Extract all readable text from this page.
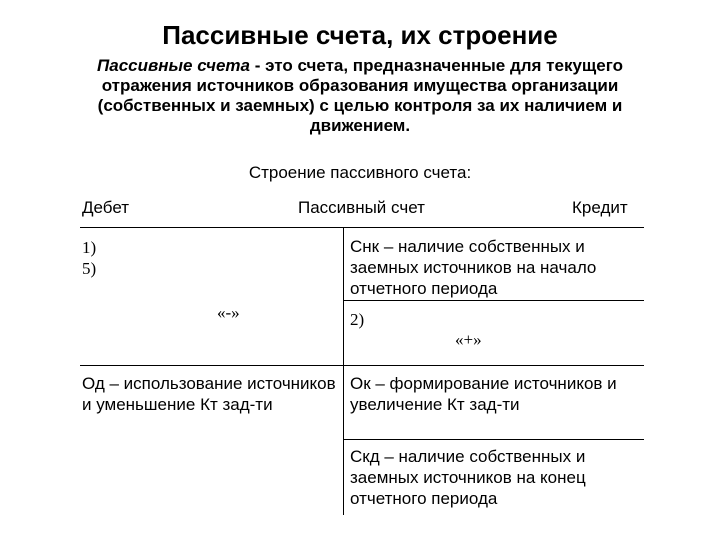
Пассивные счета, их строение
Пассивные счета - это счета, предназначенные для текущего отражения источников образования имущества организации (собственных и заемных) с целью контроля за их наличием и движением.
Строение пассивного счета:
Дебет	Пассивный счет	Кредит
1)
5)
«-»
Од – использование источников и уменьшение Кт зад-ти
Снк – наличие собственных и заемных источников на начало отчетного периода
2)
«+»
Ок – формирование источников и увеличение Кт зад-ти
Скд – наличие собственных и заемных источников на конец отчетного периода
